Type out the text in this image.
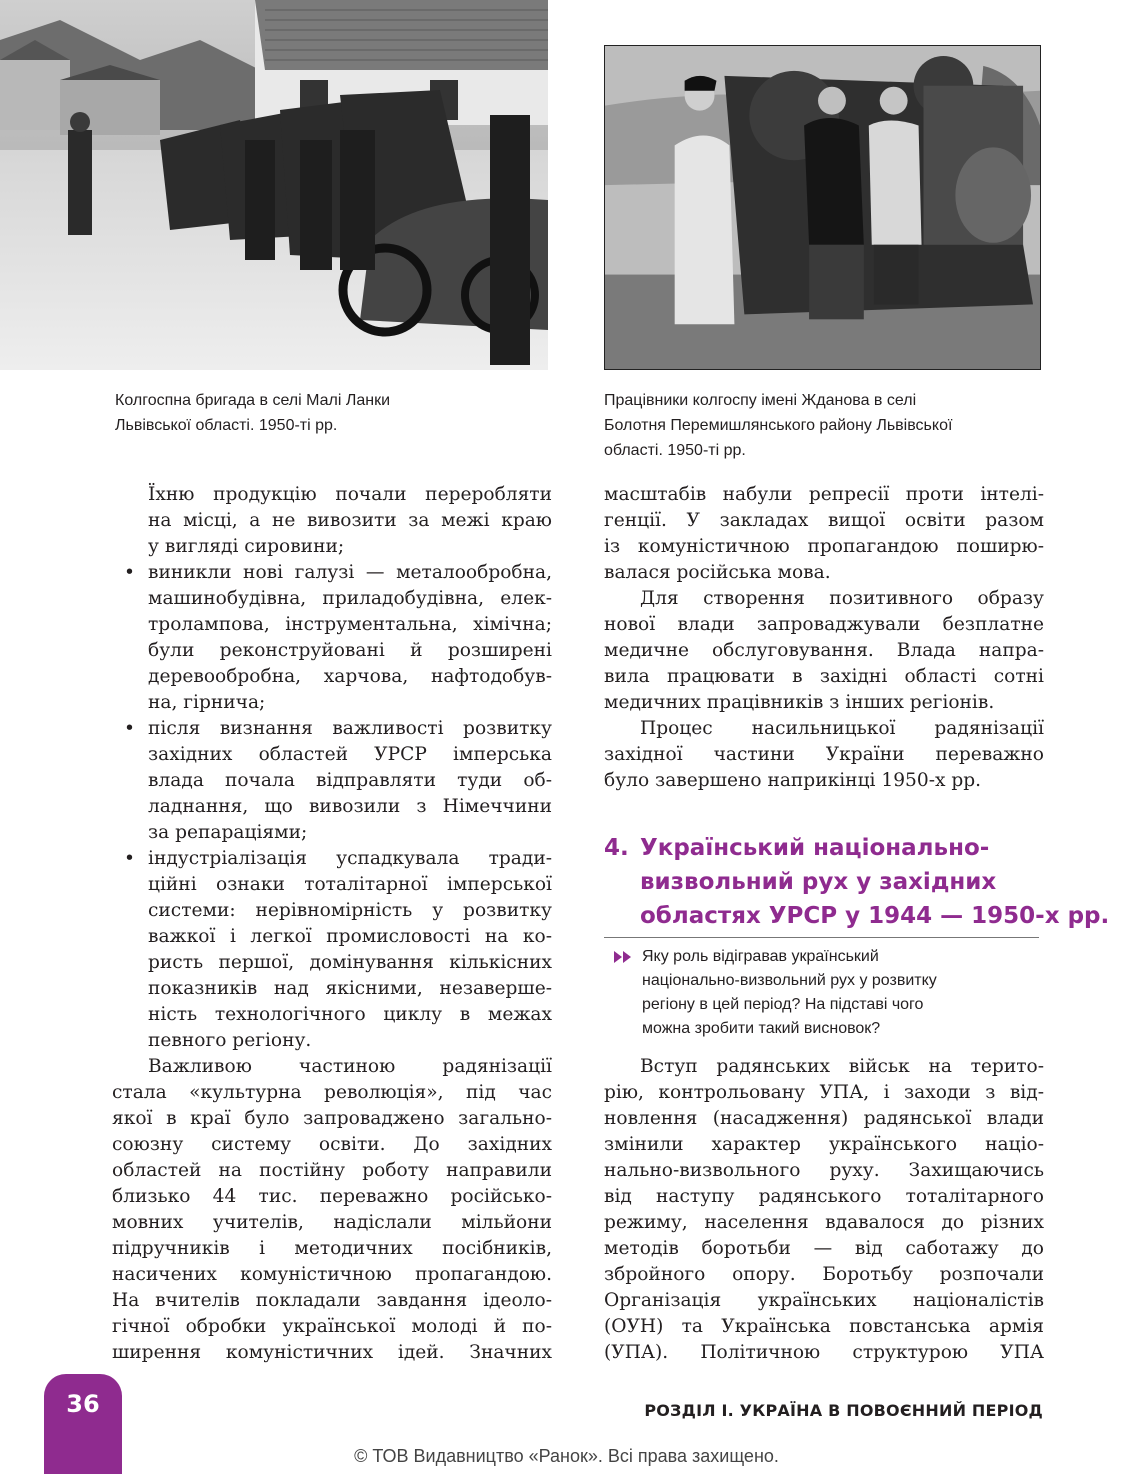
Колгоспна бригада в селі Малі Ланки
Львівської області. 1950-ті рр.
Працівники колгоспу імені Жданова в селі
Болотня Перемишлянського району Львівської
області. 1950-ті рр.
Їхню продукцію почали переробляти
на місці, а не вивозити за межі краю
у вигляді сировини;
• виникли нові галузі — металообробна,
машинобудівна, приладобудівна, елек-
тролампова, інструментальна, хімічна;
були реконструйовані й розширені
деревообробна, харчова, нафтодобув-
на, гірнича;
• після визнання важливості розвитку
західних областей УРСР імперська
влада почала відправляти туди об-
ладнання, що вивозили з Німеччини
за репараціями;
• індустріалізація успадкувала тради-
ційні ознаки тоталітарної імперської
системи: нерівномірність у розвитку
важкої і легкої промисловості на ко-
ристь першої, домінування кількісних
показників над якісними, незаверше-
ність технологічного циклу в межах
певного регіону.
Важливою частиною радянізації
стала «культурна революція», під час
якої в краї було запроваджено загально-
союзну систему освіти. До західних
областей на постійну роботу направили
близько 44 тис. переважно російсько-
мовних учителів, надіслали мільйони
підручників і методичних посібників,
насичених комуністичною пропагандою.
На вчителів покладали завдання ідеоло-
гічної обробки української молоді й по-
ширення комуністичних ідей. Значних
масштабів набули репресії проти інтелі-
генції. У закладах вищої освіти разом
із комуністичною пропагандою поширю-
валася російська мова.
Для створення позитивного образу
нової влади запроваджували безплатне
медичне обслуговування. Влада напра-
вила працювати в західні області сотні
медичних працівників з інших регіонів.
Процес насильницької радянізації
західної частини України переважно
було завершено наприкінці 1950-х рр.
4. Український національно-
визвольний рух у західних
областях УРСР у 1944 — 1950-х рр.
Яку роль відігравав український
національно-визвольний рух у розвитку
регіону в цей період? На підставі чого
можна зробити такий висновок?
Вступ радянських військ на терито-
рію, контрольовану УПА, і заходи з від-
новлення (насадження) радянської влади
змінили характер українського націо-
нально-визвольного руху. Захищаючись
від наступу радянського тоталітарного
режиму, населення вдавалося до різних
методів боротьби — від саботажу до
збройного опору. Боротьбу розпочали
Організація українських націоналістів
(ОУН) та Українська повстанська армія
(УПА). Політичною структурою УПА
36	РОЗДІЛ І. УКРАЇНА В ПОВОЄННИЙ ПЕРІОД
© ТОВ Видавництво «Ранок». Всі права захищено.
